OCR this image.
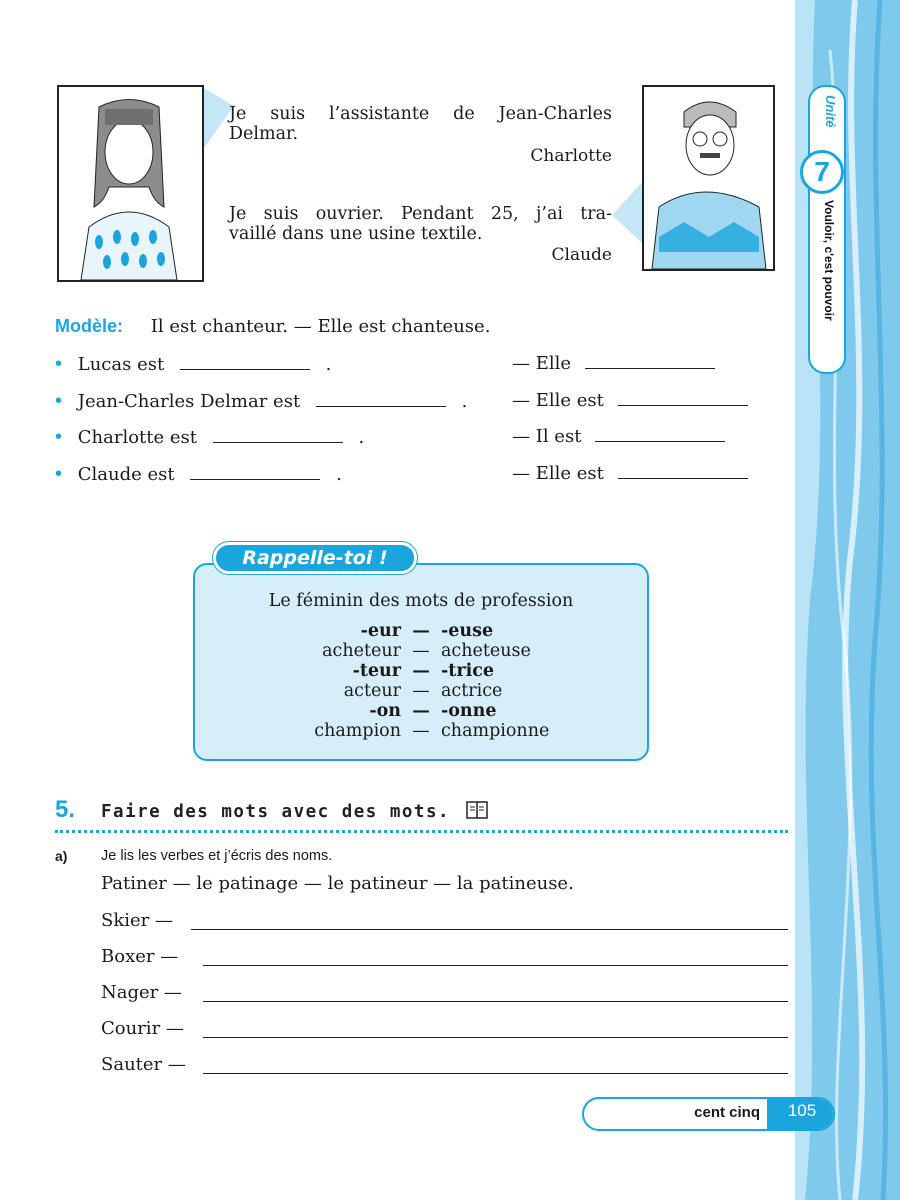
Unité
7
Vouloir, c'est pouvoir
Je suis l’assistante de Jean-Charles
Delmar.
Charlotte
Je suis ouvrier. Pendant 25, j’ai tra-
vaillé dans une usine textile.
Claude
Modèle: Il est chanteur. — Elle est chanteuse.
• Lucas est	.	— Elle
• Jean-Charles Delmar est	. — Elle est
• Charlotte est	.	— Il est
• Claude est	.	— Elle est
Rappelle-toi !
Le féminin des mots de profession
-eur — -euse
acheteur — acheteuse
-teur — -trice
acteur — actrice
-on — -onne
champion — championne
5. Faire des mots avec des mots.
a) Je lis les verbes et j’écris des noms.
Patiner — le patinage — le patineur — la patineuse.
Skier —
Boxer —
Nager —
Courir —
Sauter —
cent cinq	105
